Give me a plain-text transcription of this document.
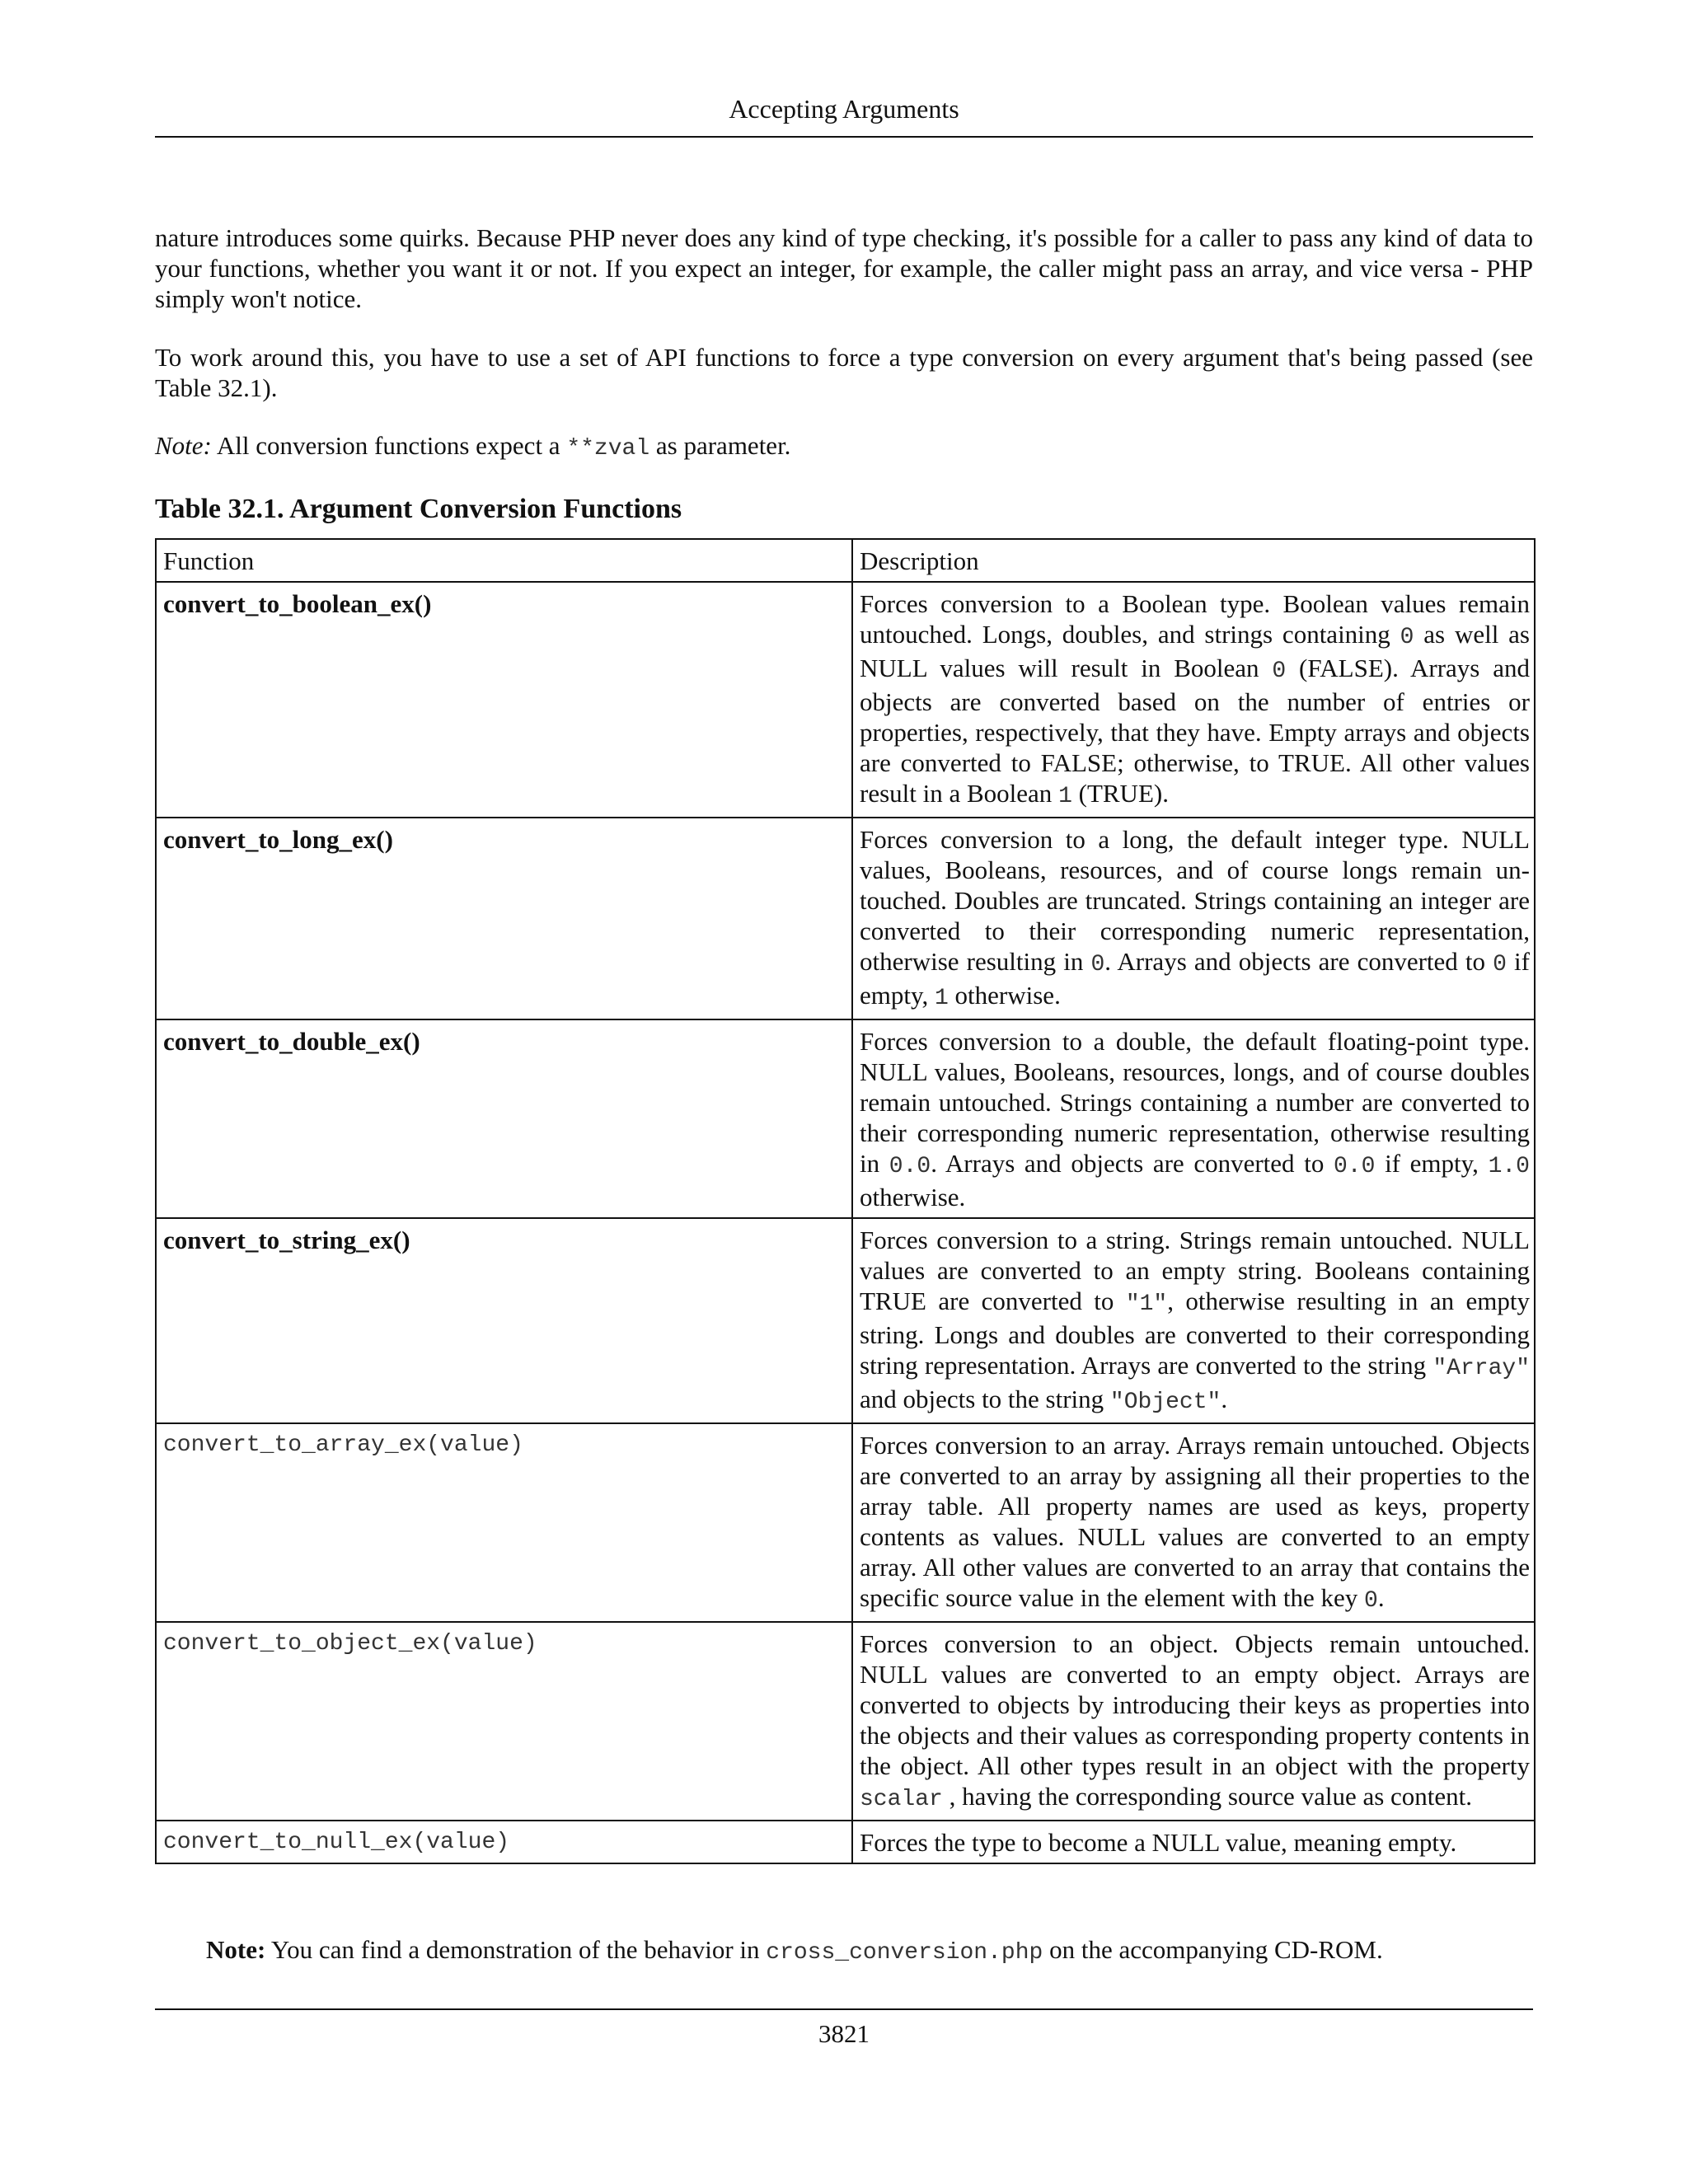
Accepting Arguments

nature introduces some quirks. Because PHP never does any kind of type checking, it's possible for a caller to pass any kind of data to your functions, whether you want it or not. If you expect an integer, for example, the caller might pass an array, and vice versa - PHP simply won't notice.

To work around this, you have to use a set of API functions to force a type conversion on every argument that's being passed (see Table 32.1).

Note: All conversion functions expect a **zval as parameter.

Table 32.1. Argument Conversion Functions
Function	Description
convert_to_boolean_ex()	Forces conversion to a Boolean type. Boolean values remain untouched. Longs, doubles, and strings containing 0 as well as NULL values will result in Boolean 0 (FALSE). Arrays and objects are converted based on the number of entries or properties, respectively, that they have. Empty arrays and objects are converted to FALSE; otherwise, to TRUE. All other values result in a Boolean 1 (TRUE).
convert_to_long_ex()	Forces conversion to a long, the default integer type. NULL values, Booleans, resources, and of course longs remain untouched. Doubles are truncated. Strings containing an integer are converted to their corresponding numeric representation, otherwise resulting in 0. Arrays and objects are converted to 0 if empty, 1 otherwise.
convert_to_double_ex()	Forces conversion to a double, the default floating-point type. NULL values, Booleans, resources, longs, and of course doubles remain untouched. Strings containing a number are converted to their corresponding numeric representation, otherwise resulting in 0.0. Arrays and objects are converted to 0.0 if empty, 1.0 otherwise.
convert_to_string_ex()	Forces conversion to a string. Strings remain untouched. NULL values are converted to an empty string. Booleans containing TRUE are converted to "1", otherwise resulting in an empty string. Longs and doubles are converted to their corresponding string representation. Arrays are converted to the string "Array" and objects to the string "Object".
convert_to_array_ex(value)	Forces conversion to an array. Arrays remain untouched. Objects are converted to an array by assigning all their properties to the array table. All property names are used as keys, property contents as values. NULL values are converted to an empty array. All other values are converted to an array that contains the specific source value in the element with the key 0.
convert_to_object_ex(value)	Forces conversion to an object. Objects remain untouched. NULL values are converted to an empty object. Arrays are converted to objects by introducing their keys as properties into the objects and their values as corresponding property contents in the object. All other types result in an object with the property scalar , having the corresponding source value as content.
convert_to_null_ex(value)	Forces the type to become a NULL value, meaning empty.
Note: You can find a demonstration of the behavior in cross_conversion.php on the accompanying CD-ROM.
3821
